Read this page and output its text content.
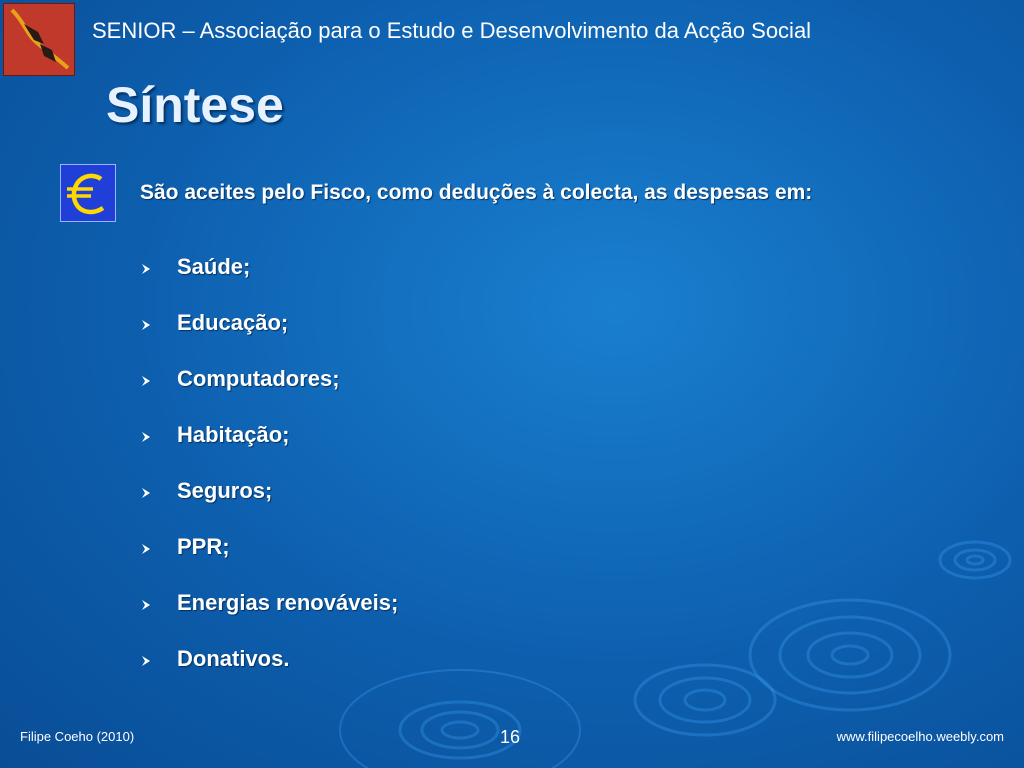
SENIOR – Associação para o Estudo e Desenvolvimento da Acção Social
Síntese
São aceites pelo Fisco, como deduções à colecta, as despesas em:
Saúde;
Educação;
Computadores;
Habitação;
Seguros;
PPR;
Energias renováveis;
Donativos.
Filipe Coeho (2010)	16	www.filipecoelho.weebly.com
